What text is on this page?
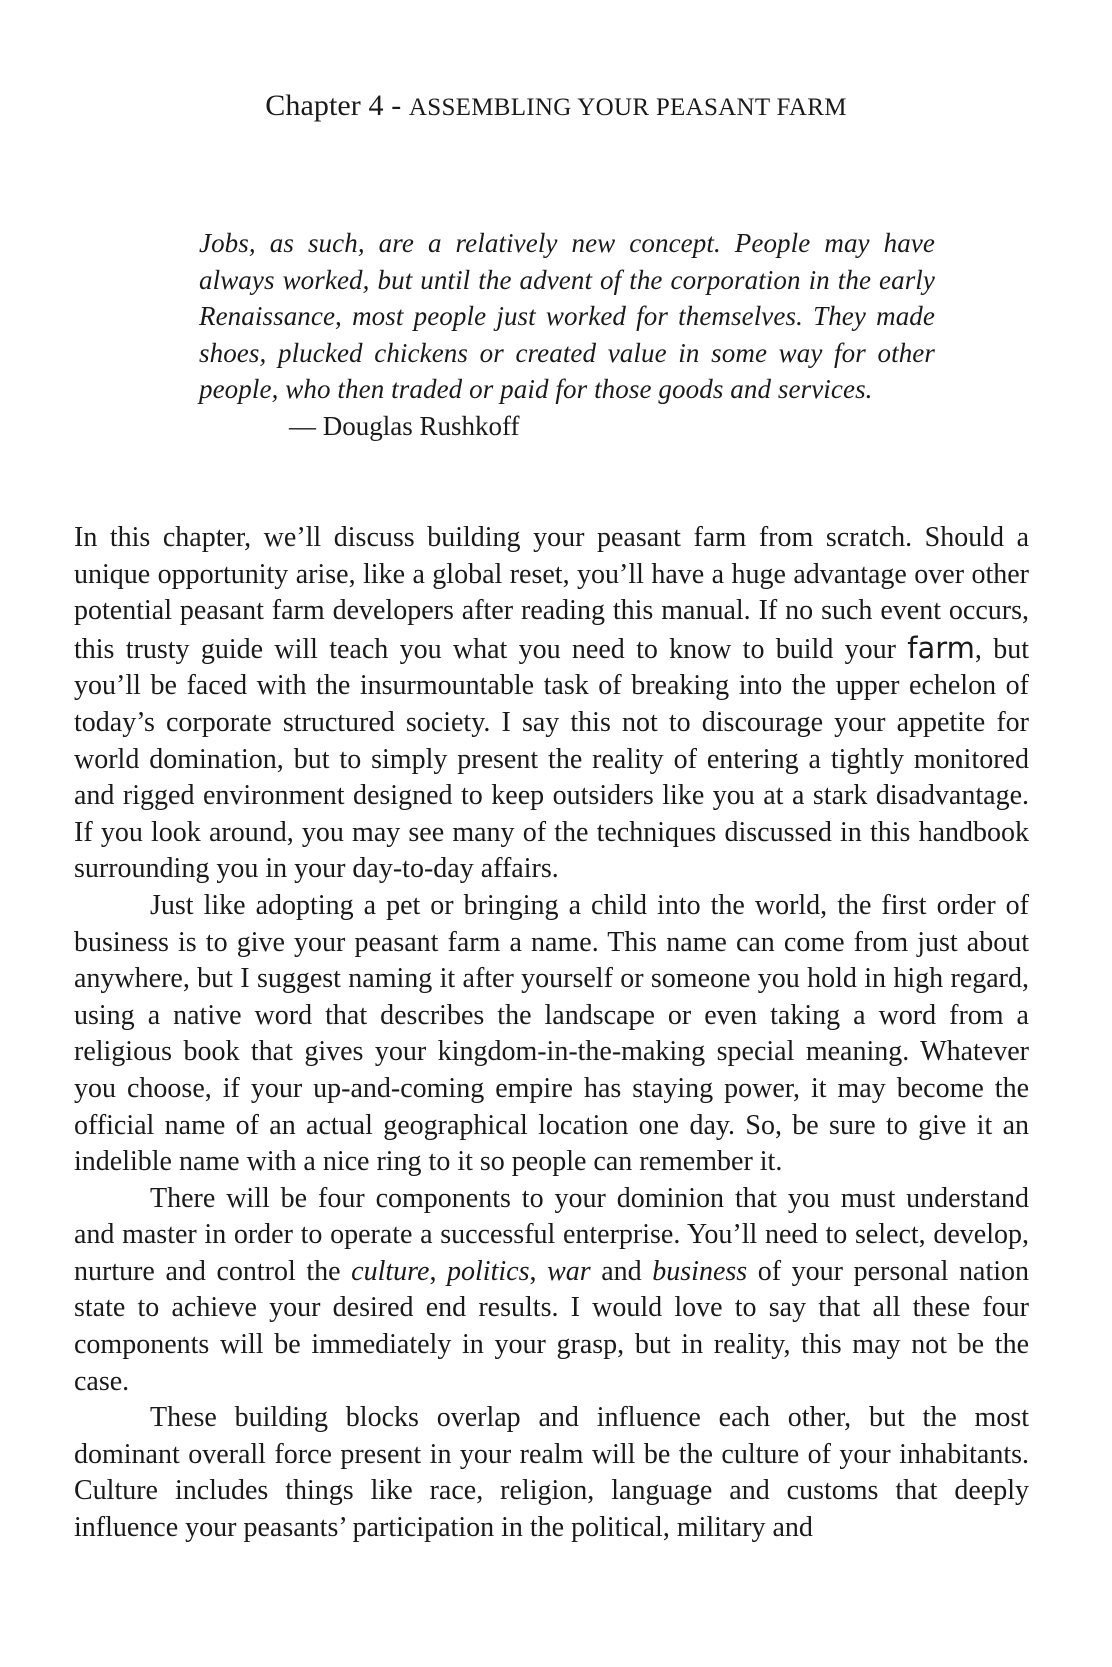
Chapter 4 - ASSEMBLING YOUR PEASANT FARM

Jobs, as such, are a relatively new concept. People may have always worked, but until the advent of the corporation in the early Renaissance, most people just worked for themselves. They made shoes, plucked chickens or created value in some way for other people, who then traded or paid for those goods and services.

— Douglas Rushkoff

In this chapter, we’ll discuss building your peasant farm from scratch. Should a unique opportunity arise, like a global reset, you’ll have a huge advantage over other potential peasant farm developers after reading this manual. If no such event occurs, this trusty guide will teach you what you need to know to build your farm, but you’ll be faced with the insurmountable task of breaking into the upper echelon of today’s corporate structured society. I say this not to discourage your appetite for world domination, but to simply present the reality of entering a tightly monitored and rigged environment designed to keep outsiders like you at a stark disadvantage. If you look around, you may see many of the techniques discussed in this handbook surrounding you in your day-to-day affairs.

Just like adopting a pet or bringing a child into the world, the first order of business is to give your peasant farm a name. This name can come from just about anywhere, but I suggest naming it after yourself or someone you hold in high regard, using a native word that describes the landscape or even taking a word from a religious book that gives your kingdom-in-the-making special meaning. Whatever you choose, if your up-and-coming empire has staying power, it may become the official name of an actual geographical location one day. So, be sure to give it an indelible name with a nice ring to it so people can remember it.

There will be four components to your dominion that you must understand and master in order to operate a successful enterprise. You’ll need to select, develop, nurture and control the culture, politics, war and business of your personal nation state to achieve your desired end results. I would love to say that all these four components will be immediately in your grasp, but in reality, this may not be the case.

These building blocks overlap and influence each other, but the most dominant overall force present in your realm will be the culture of your inhabitants. Culture includes things like race, religion, language and customs that deeply influence your peasants’ participation in the political, military and
